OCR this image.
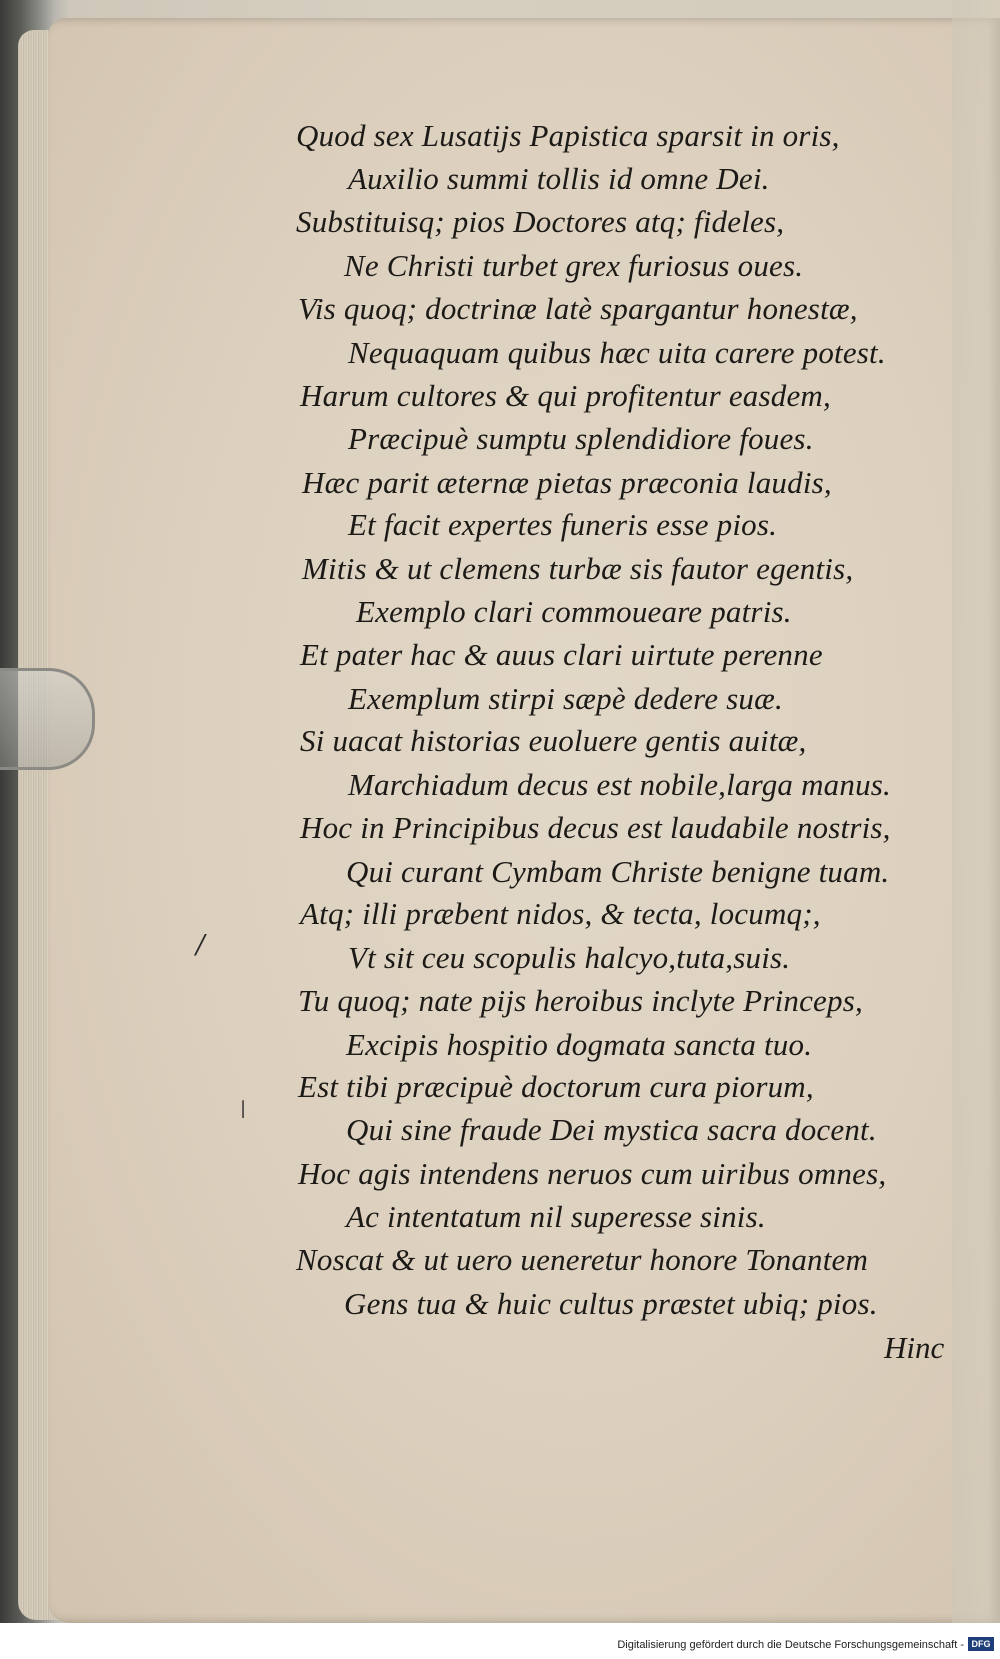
/
|
Quod sex Lusatijs Papistica sparsit in oris,
Auxilio summi tollis id omne Dei.
Substituisq; pios Doctores atq; fideles,
Ne Christi turbet grex furiosus oues.
Vis quoq; doctrinæ latè spargantur honestæ,
Nequaquam quibus hæc uita carere potest.
Harum cultores & qui profitentur easdem,
Præcipuè sumptu splendidiore foues.
Hæc parit æternæ pietas præconia laudis,
Et facit expertes funeris esse pios.
Mitis & ut clemens turbæ sis fautor egentis,
Exemplo clari commoueare patris.
Et pater hac & auus clari uirtute perenne
Exemplum stirpi sæpè dedere suæ.
Si uacat historias euoluere gentis auitæ,
Marchiadum decus est nobile,larga manus.
Hoc in Principibus decus est laudabile nostris,
Qui curant Cymbam Christe benigne tuam.
Atq; illi præbent nidos, & tecta, locumq;,
Vt sit ceu scopulis halcyo,tuta,suis.
Tu quoq; nate pijs heroibus inclyte Princeps,
Excipis hospitio dogmata sancta tuo.
Est tibi præcipuè doctorum cura piorum,
Qui sine fraude Dei mystica sacra docent.
Hoc agis intendens neruos cum uiribus omnes,
Ac intentatum nil superesse sinis.
Noscat & ut uero ueneretur honore Tonantem
Gens tua & huic cultus præstet ubiq; pios.
Hinc
Digitalisierung gefördert durch die Deutsche Forschungsgemeinschaft - DFG
